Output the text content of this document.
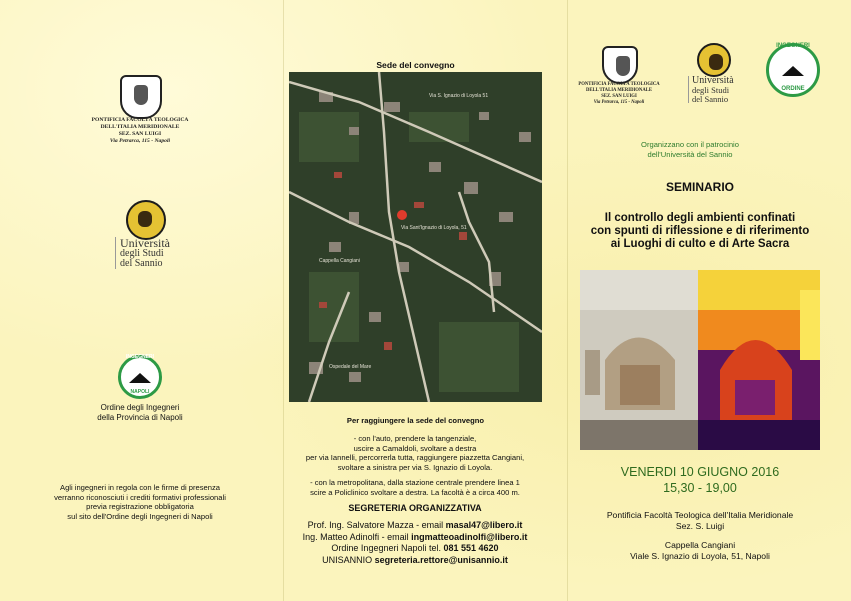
PONTIFICIA FACOLTÀ TEOLOGICA
DELL'ITALIA MERIDIONALE
SEZ. SAN LUIGI
Via Petrarca, 115 - Napoli
Università
degli Studi
del Sannio
INGEGNERI
NAPOLI
Ordine degli Ingegneri
della Provincia di Napoli
Agli ingegneri in regola con le firme di presenza
verranno riconosciuti i crediti formativi professionali
previa registrazione obbligatoria
sul sito dell'Ordine degli Ingegneri di Napoli
Sede del convegno
Via Sant'Ignazio di Loyola, 51
Cappella Cangiani
Via S. Ignazio di Loyola 51
Ospedale del Mare
Per raggiungere la sede del convegno
- con l'auto, prendere la tangenziale,
uscire a Camaldoli, svoltare a destra
per via Iannelli, percorrerla tutta, raggiungere piazzetta Cangiani,
svoltare a sinistra per via S. Ignazio di Loyola.
- con la metropolitana, dalla stazione centrale prendere linea 1
scire a Policlinico svoltare a destra. La facoltà è a circa 400 m.
SEGRETERIA ORGANIZZATIVA
Prof. Ing. Salvatore Mazza - email masal47@libero.it
Ing. Matteo Adinolfi - email ingmatteoadinolfi@libero.it
Ordine Ingegneri Napoli tel. 081 551 4620
UNISANNIO segreteria.rettore@unisannio.it
PONTIFICIA FACOLTÀ TEOLOGICA
DELL'ITALIA MERIDIONALE
SEZ. SAN LUIGI
Via Petrarca, 115 - Napoli
Università
degli Studi
del Sannio
INGEGNERI
ORDINE
Organizzano con il patrocinio
dell'Università del Sannio
SEMINARIO
Il controllo degli ambienti confinati
con spunti di riflessione e di riferimento
ai Luoghi di culto e di Arte Sacra
VENERDI 10 GIUGNO 2016
15,30 - 19,00
Pontificia Facoltà Teologica dell'Italia Meridionale
Sez. S. Luigi
Cappella Cangiani
Viale S. Ignazio di Loyola, 51, Napoli
